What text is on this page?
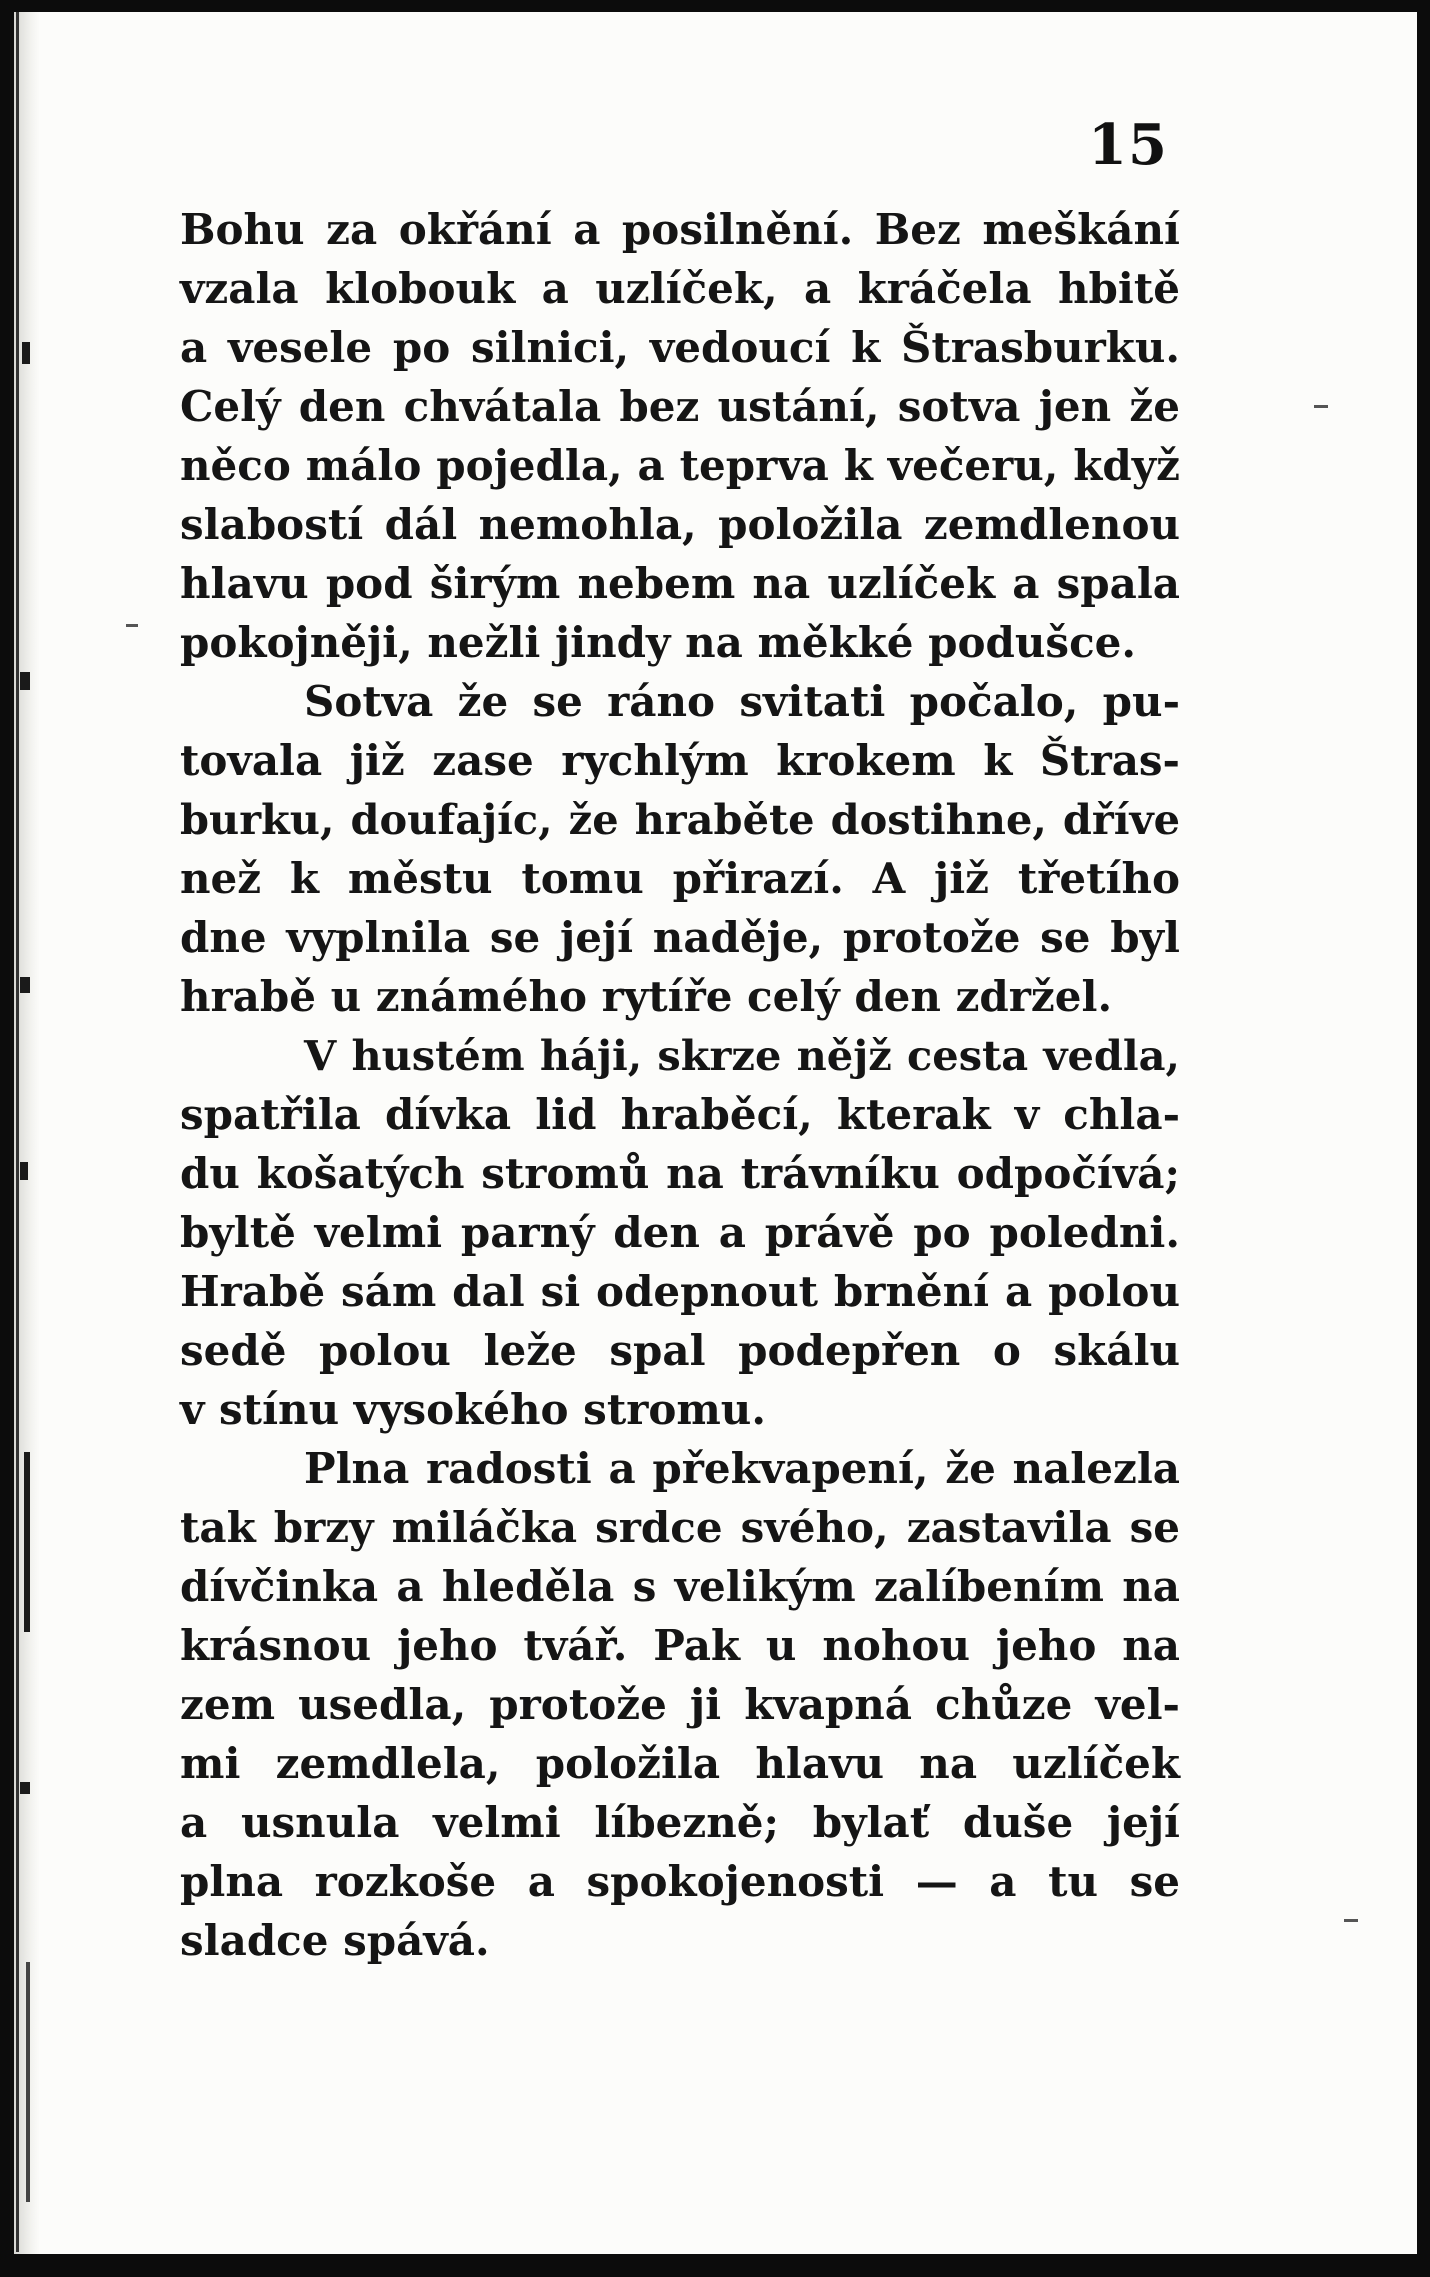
15
Bohu za okřání a posilnění. Bez meškání
vzala klobouk a uzlíček, a kráčela hbitě
a vesele po silnici, vedoucí k Štrasburku.
Celý den chvátala bez ustání, sotva jen že
něco málo pojedla, a teprva k večeru, když
slabostí dál nemohla, položila zemdlenou
hlavu pod širým nebem na uzlíček a spala
pokojněji, nežli jindy na měkké podušce.
Sotva že se ráno svitati počalo, pu-
tovala již zase rychlým krokem k Štras-
burku, doufajíc, že hraběte dostihne, dříve
než k městu tomu přirazí. A již třetího
dne vyplnila se její naděje, protože se byl
hrabě u známého rytíře celý den zdržel.
V hustém háji, skrze nějž cesta vedla,
spatřila dívka lid hraběcí, kterak v chla-
du košatých stromů na trávníku odpočívá;
byltě velmi parný den a právě po poledni.
Hrabě sám dal si odepnout brnění a polou
sedě polou leže spal podepřen o skálu
v stínu vysokého stromu.
Plna radosti a překvapení, že nalezla
tak brzy miláčka srdce svého, zastavila se
dívčinka a hleděla s velikým zalíbením na
krásnou jeho tvář. Pak u nohou jeho na
zem usedla, protože ji kvapná chůze vel-
mi zemdlela, položila hlavu na uzlíček
a usnula velmi líbezně; bylať duše její
plna rozkoše a spokojenosti — a tu se
sladce spává.
